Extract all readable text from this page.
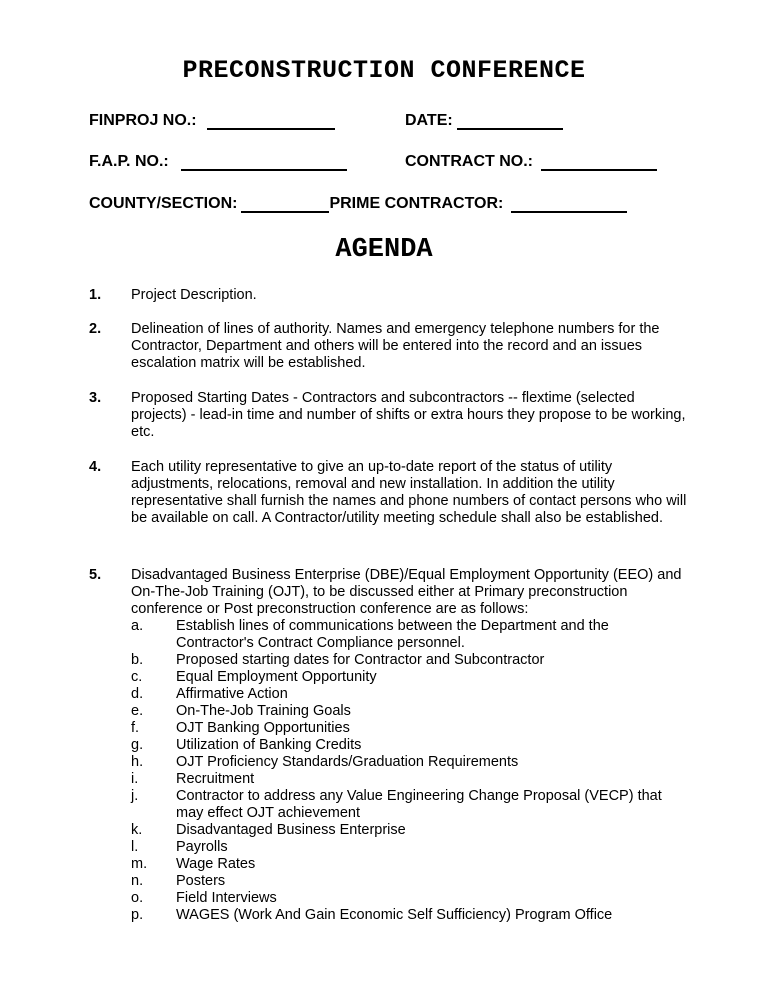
PRECONSTRUCTION CONFERENCE
FINPROJ NO.:	DATE:
F.A.P. NO.:	CONTRACT NO.:
COUNTY/SECTION:	PRIME CONTRACTOR:
AGENDA
1. Project Description.
2. Delineation of lines of authority. Names and emergency telephone numbers for the Contractor, Department and others will be entered into the record and an issues escalation matrix will be established.
3. Proposed Starting Dates - Contractors and subcontractors -- flextime (selected projects) - lead-in time and number of shifts or extra hours they propose to be working, etc.
4. Each utility representative to give an up-to-date report of the status of utility adjustments, relocations, removal and new installation. In addition the utility representative shall furnish the names and phone numbers of contact persons who will be available on call. A Contractor/utility meeting schedule shall also be established.
5. Disadvantaged Business Enterprise (DBE)/Equal Employment Opportunity (EEO) and On-The-Job Training (OJT), to be discussed either at Primary preconstruction conference or Post preconstruction conference are as follows:
a. Establish lines of communications between the Department and the Contractor's Contract Compliance personnel.
b. Proposed starting dates for Contractor and Subcontractor
c. Equal Employment Opportunity
d. Affirmative Action
e. On-The-Job Training Goals
f.	OJT Banking Opportunities
g. Utilization of Banking Credits
h. OJT Proficiency Standards/Graduation Requirements
i.	Recruitment
j.	Contractor to address any Value Engineering Change Proposal (VECP) that may effect OJT achievement
k. Disadvantaged Business Enterprise
l.	Payrolls
m. Wage Rates
n. Posters
o. Field Interviews
p. WAGES (Work And Gain Economic Self Sufficiency) Program Office
